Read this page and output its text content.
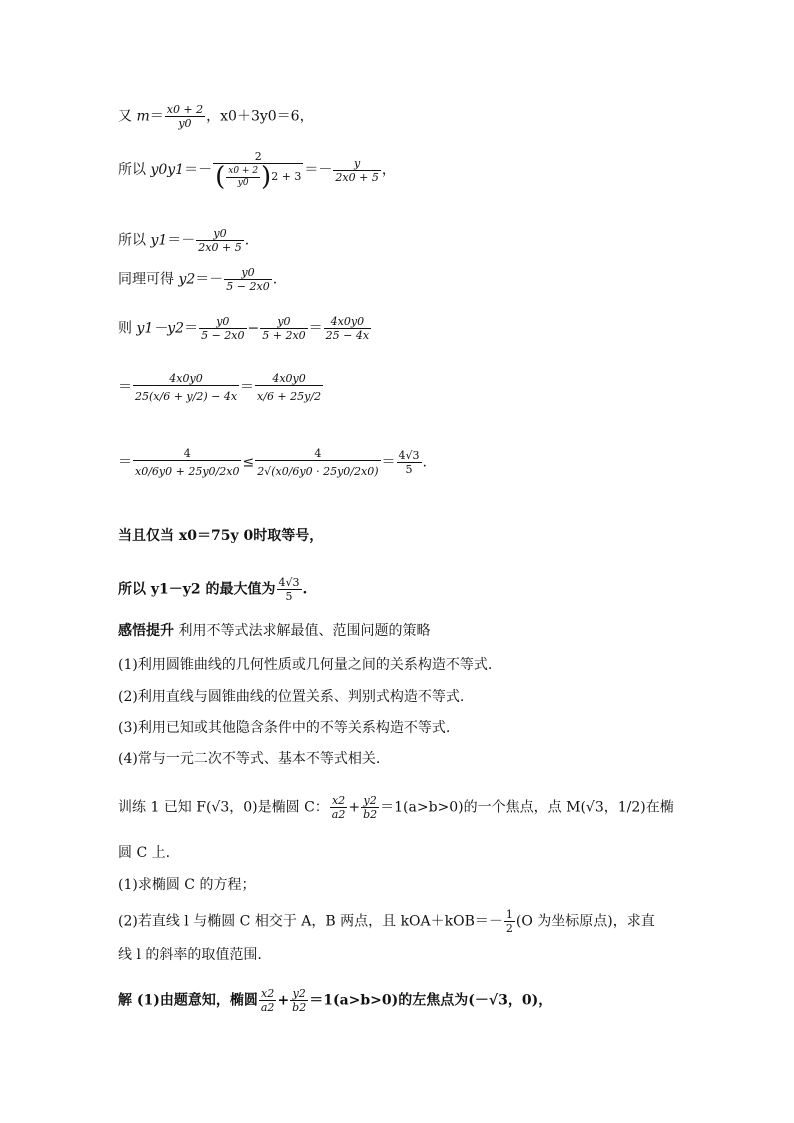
又 $m= \frac{x0 + 2}{y0}$ ，x0＋3y0＝6，
所以 $y0y1=- \frac{2}{( \frac{x0 + 2}{y0} )2 + 3} =- \frac{y}{2x0 + 5}$ ，
所以 $y1=- \frac{y0}{2x0 + 5}$ .
同理可得 $y2=- \frac{y0}{5 - 2x0}$ .
则 $y1-y2= \frac{y0}{5 - 2x0} - \frac{y0}{5 + 2x0} = \frac{4x0y0}{25 - 4x}$
＝ $\frac{4x0y0}{25(x/6 + y/2) - 4x} = \frac{4x0y0}{x/6 + 25y/2}$
＝ $\frac{4}{x0/6y0 + 25y0/2x0} \le \frac{4}{2√(x0/6y0 \cdot 25y0/2x0)} = \frac{4√3}{5}$ .
当且仅当 x0＝75y 0时取等号，
所以 y1－y2 的最大值为 $\frac{4√3}{5}$ .
感悟提升 利用不等式法求解最值、范围问题的策略
(1)利用圆锥曲线的几何性质或几何量之间的关系构造不等式.
(2)利用直线与圆锥曲线的位置关系、判别式构造不等式.
(3)利用已知或其他隐含条件中的不等关系构造不等式.
(4)常与一元二次不等式、基本不等式相关.
训练 1 已知 F(√3，0)是椭圆 C： $\frac{x2}{a2} + \frac{y2}{b2} =1(a>b>0)$的一个焦点，点 M(√3，1/2)在椭
圆 C 上.
(1)求椭圆 C 的方程；
(2)若直线 l 与椭圆 C 相交于 A，B 两点，且 $kOA+kOB=- \frac{1}{2} (O$ 为坐标原点)，求直
线 l 的斜率的取值范围.
解 (1)由题意知，椭圆 $\frac{x2}{a2} + \frac{y2}{b2} =1(a>b>0)$的左焦点为(－√3，0)，
